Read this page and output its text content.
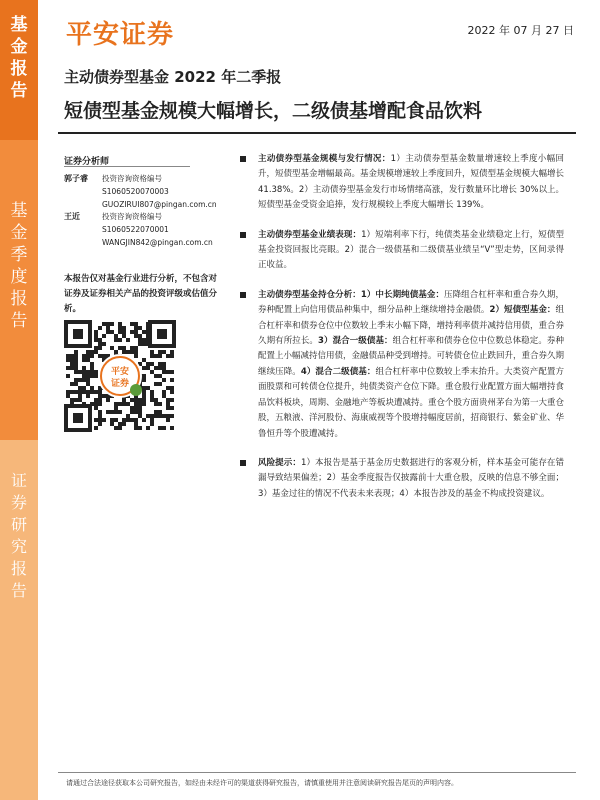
基
金
报
告
基
金
季
度
报
告
证
券
研
究
报
告
平安证券	2022 年 07 月 27 日
主动债券型基金 2022 年二季报
短债型基金规模大幅增长，二级债基增配食品饮料
证券分析师
郭子睿 投资咨询资格编号
S1060520070003
GUOZIRUI807@pingan.com.cn
王近	投资咨询资格编号
S1060522070001
WANGJIN842@pingan.com.cn
本报告仅对基金行业进行分析，不包含对证券及证券相关产品的投资评级或估值分析。
平安
证券
主动债券型基金规模与发行情况：1）主动债券型基金数量增速较上季度小幅回升，短债型基金增幅最高。基金规模增速较上季度回升，短债型基金规模大幅增长 41.38%。2）主动债券型基金发行市场情绪高涨，发行数量环比增长 30%以上。短债型基金受资金追捧，发行规模较上季度大幅增长 139%。
主动债券型基金业绩表现：1）短端利率下行，纯债类基金业绩稳定上行，短债型基金投资回报比亮眼。2）混合一级债基和二级债基业绩呈“V”型走势，区间录得正收益。
主动债券型基金持仓分析：1）中长期纯债基金：压降组合杠杆率和重合券久期，券种配置上向信用债品种集中，细分品种上继续增持金融债。2）短债型基金：组合杠杆率和债券仓位中位数较上季末小幅下降，增持利率债并减持信用债，重合券久期有所拉长。3）混合一级债基：组合杠杆率和债券仓位中位数总体稳定。券种配置上小幅减持信用债，金融债品种受到增持。可转债仓位止跌回升，重合券久期继续压降。4）混合二级债基：组合杠杆率中位数较上季末抬升。大类资产配置方面股票和可转债仓位提升，纯债类资产仓位下降。重仓股行业配置方面大幅增持食品饮料板块，周期、金融地产等板块遭减持。重仓个股方面贵州茅台为第一大重仓股，五粮液、洋河股份、海康威视等个股增持幅度居前，招商银行、紫金矿业、华鲁恒升等个股遭减持。
风险提示：1）本报告是基于基金历史数据进行的客观分析，样本基金可能存在错漏导致结果偏差；2）基金季度报告仅披露前十大重仓股，反映的信息不够全面；3）基金过往的情况不代表未来表现；4）本报告涉及的基金不构成投资建议。
请通过合法途径获取本公司研究报告，如经由未经许可的渠道获得研究报告，请慎重使用并注意阅读研究报告尾页的声明内容。
